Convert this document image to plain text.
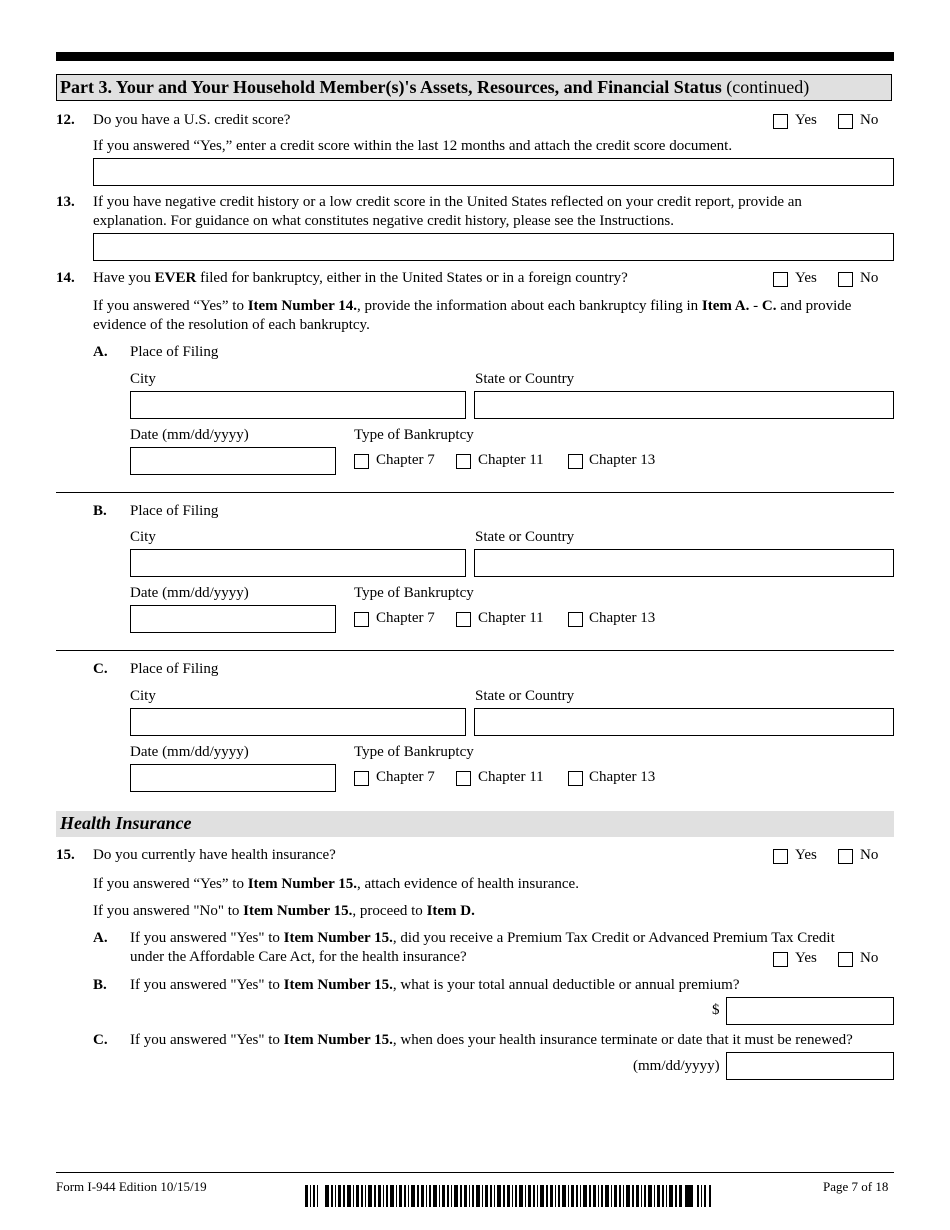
Part 3. Your and Your Household Member(s)'s Assets, Resources, and Financial Status (continued)
12. Do you have a U.S. credit score?	Yes	No
If you answered “Yes,” enter a credit score within the last 12 months and attach the credit score document.
13. If you have negative credit history or a low credit score in the United States reflected on your credit report, provide an
explanation. For guidance on what constitutes negative credit history, please see the Instructions.
14. Have you EVER filed for bankruptcy, either in the United States or in a foreign country?	Yes	No
If you answered “Yes” to Item Number 14., provide the information about each bankruptcy filing in Item A. - C. and provide
evidence of the resolution of each bankruptcy.
A. Place of Filing
City	State or Country
Date (mm/dd/yyyy)	Type of Bankruptcy
Chapter 7	Chapter 11	Chapter 13
B. Place of Filing
City	State or Country
Date (mm/dd/yyyy)	Type of Bankruptcy
Chapter 7	Chapter 11	Chapter 13
C. Place of Filing
City	State or Country
Date (mm/dd/yyyy)	Type of Bankruptcy
Chapter 7	Chapter 11	Chapter 13
Health Insurance
15. Do you currently have health insurance?	Yes	No
If you answered “Yes” to Item Number 15., attach evidence of health insurance.
If you answered "No" to Item Number 15., proceed to Item D.
A. If you answered "Yes" to Item Number 15., did you receive a Premium Tax Credit or Advanced Premium Tax Credit
under the Affordable Care Act, for the health insurance?	Yes	No
B. If you answered "Yes" to Item Number 15., what is your total annual deductible or annual premium?
$
C. If you answered "Yes" to Item Number 15., when does your health insurance terminate or date that it must be renewed?
(mm/dd/yyyy)
Form I-944 Edition 10/15/19	Page 7 of 18
